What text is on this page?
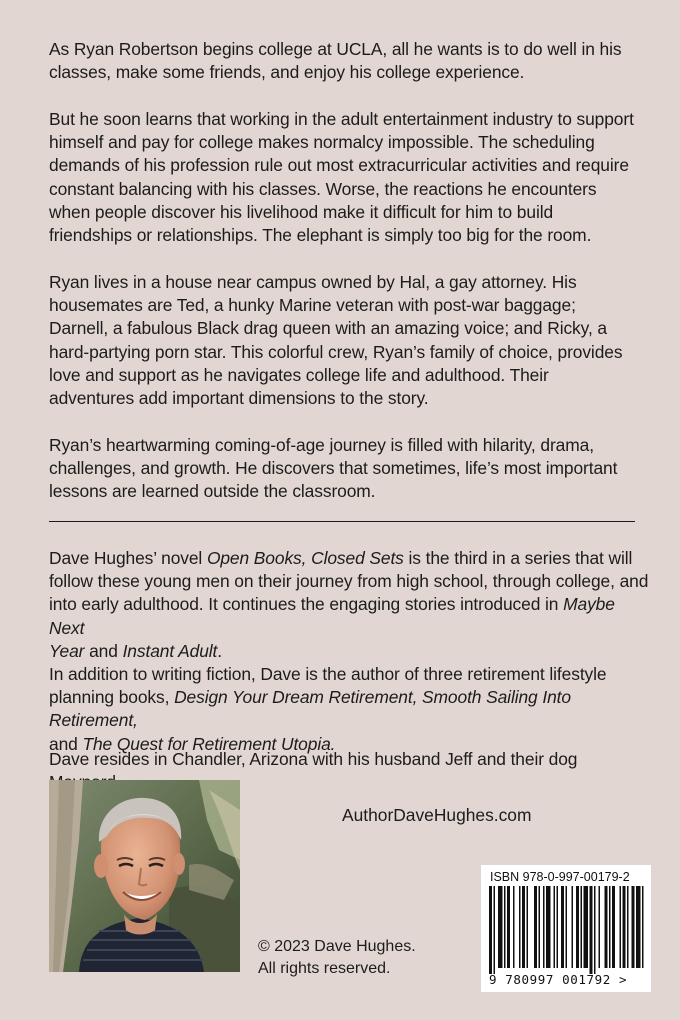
As Ryan Robertson begins college at UCLA, all he wants is to do well in his
classes, make some friends, and enjoy his college experience.

But he soon learns that working in the adult entertainment industry to support
himself and pay for college makes normalcy impossible. The scheduling
demands of his profession rule out most extracurricular activities and require
constant balancing with his classes. Worse, the reactions he encounters
when people discover his livelihood make it difficult for him to build
friendships or relationships. The elephant is simply too big for the room.

Ryan lives in a house near campus owned by Hal, a gay attorney. His
housemates are Ted, a hunky Marine veteran with post-war baggage;
Darnell, a fabulous Black drag queen with an amazing voice; and Ricky, a
hard-partying porn star. This colorful crew, Ryan’s family of choice, provides
love and support as he navigates college life and adulthood. Their
adventures add important dimensions to the story.

Ryan’s heartwarming coming-of-age journey is filled with hilarity, drama,
challenges, and growth. He discovers that sometimes, life’s most important
lessons are learned outside the classroom.

Dave Hughes’ novel Open Books, Closed Sets is the third in a series that will
follow these young men on their journey from high school, through college, and
into early adulthood. It continues the engaging stories introduced in Maybe Next
Year and Instant Adult.

In addition to writing fiction, Dave is the author of three retirement lifestyle
planning books, Design Your Dream Retirement, Smooth Sailing Into Retirement,
and The Quest for Retirement Utopia.

Dave resides in Chandler, Arizona with his husband Jeff and their dog

AuthorDaveHughes.com
© 2023 Dave Hughes.
All rights reserved.
ISBN 978-0-997-00179-2
9 780997 001792 >
